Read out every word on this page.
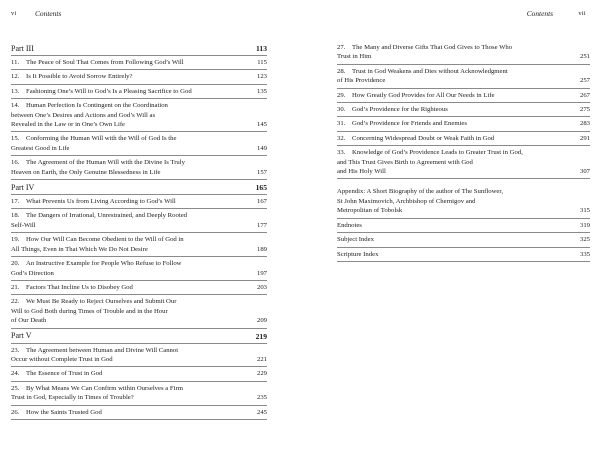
vi Contents
Part III	113
11. The Peace of Soul That Comes from Following God’s Will	115
12. Is It Possible to Avoid Sorrow Entirely?	123
13. Fashioning One’s Will to God’s Is a Pleasing Sacrifice to God	135
14. Human Perfection Is Contingent on the Coordination
between One’s Desires and Actions and God’s Will as
Revealed in the Law or in One’s Own Life	145
15. Conforming the Human Will with the Will of God Is the
Greatest Good in Life	149
16. The Agreement of the Human Will with the Divine Is Truly
Heaven on Earth, the Only Genuine Blessedness in Life	157
Part IV	165
17. What Prevents Us from Living According to God’s Will	167
18. The Dangers of Irrational, Unrestrained, and Deeply Rooted
Self-Will	177
19. How Our Will Can Become Obedient to the Will of God in
All Things, Even in That Which We Do Not Desire	189
20. An Instructive Example for People Who Refuse to Follow
God’s Direction	197
21. Factors That Incline Us to Disobey God	203
22. We Must Be Ready to Reject Ourselves and Submit Our
Will to God Both during Times of Trouble and in the Hour
of Our Death	209
Part V	219
23. The Agreement between Human and Divine Will Cannot
Occur without Complete Trust in God	221
24. The Essence of Trust in God	229
25. By What Means We Can Confirm within Ourselves a Firm
Trust in God, Especially in Times of Trouble?	235
26. How the Saints Trusted God	245
Contents	vii
27. The Many and Diverse Gifts That God Gives to Those Who
Trust in Him	251
28. Trust in God Weakens and Dies without Acknowledgment
of His Providence	257
29. How Greatly God Provides for All Our Needs in Life	267
30. God’s Providence for the Righteous	275
31. God’s Providence for Friends and Enemies	283
32. Concerning Widespread Doubt or Weak Faith in God	291
33. Knowledge of God’s Providence Leads to Greater Trust in God,
and This Trust Gives Birth to Agreement with God
and His Holy Will	307
Appendix: A Short Biography of the author of The Sunflower,
St John Maximovich, Archbishop of Chernigov and
Metropolitan of Tobolsk	315
Endnotes	319
Subject Index	325
Scripture Index	335
